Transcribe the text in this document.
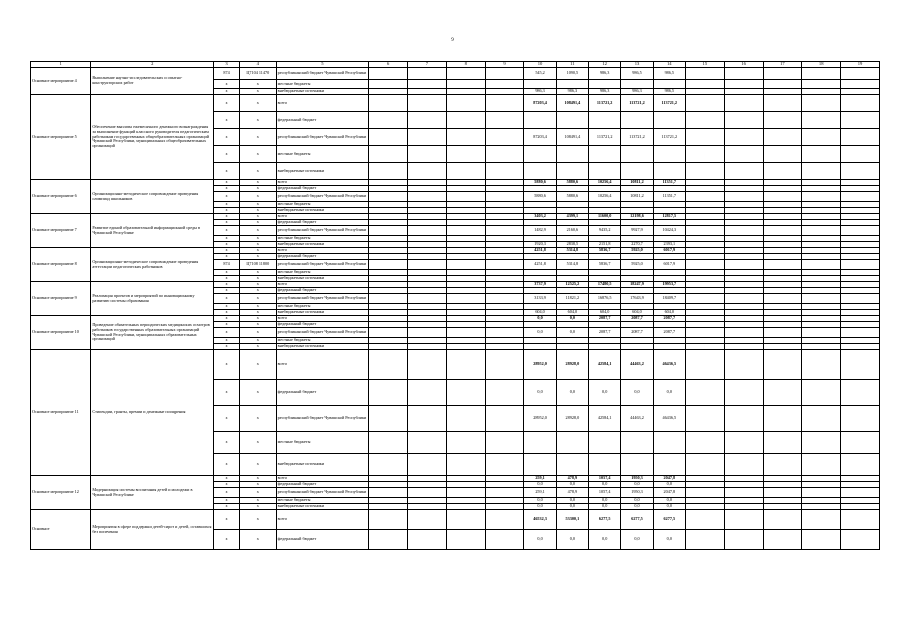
9
1	2	3	4	5	6	7	8	9	10	11	12	13	14	15	16	17	18	19
Основное мероприятие 4	Выполнение научно-исследовательских и опытно-конструкторских работ	874	Ц7104 11470	республиканский бюджет Чувашской Республики					545,2	1090,5	986,3	986,5	986,5					
		x	x	местные бюджеты														
		x	x	внебюджетные источники					986,3	986,3	986,3	986,3	986,5					
Основное мероприятие 5	Обеспечение выплаты ежемесячного денежного вознаграждения за выполнение функций классного руководителя педагогическим работникам государственных общеобразовательных организаций Чувашской Республики, муниципальных общеобразовательных организаций	x	x	всего					87203,4	108491,4	113721,2	113721,2	113721,2					
		x	x	федеральный бюджет														
		x	x	республиканский бюджет Чувашской Республики					87203,4	108491,4	113721,2	113721,2	113721,2					
		x	x	местные бюджеты														
		x	x	внебюджетные источники														
Основное мероприятие 6	Организационно-методическое сопровождение проведения олимпиад школьников	x	x	всего					5880,6	5880,6	10256,4	10811,2	11351,7					
		x	x	федеральный бюджет														
		x	x	республиканский бюджет Чувашской Республики					5880,6	5880,6	10256,4	10811,2	11351,7					
		x	x	местные бюджеты														
		x	x	внебюджетные источники														
Основное мероприятие 7	Развитие единой образовательной информационной среды в Чувашской Республике	x	x	всего					3403,2	4399,1	11600,0	12198,6	12817,5					
		x	x	федеральный бюджет														
		x	x	республиканский бюджет Чувашской Республики					1482,9	2160,6	9435,2	9927,9	10424,3					
		x	x	местные бюджеты														
		x	x	внебюджетные источники					1920,3	2838,5	2151,8	2270,7	2393,1					
Основное мероприятие 8	Организационно-методическое сопровождение проведения аттестации педагогических работников	x	x	всего					4251,8	5314,8	5836,7	5925,0	6017,9					
		x	x	федеральный бюджет														
		874	Ц7108 11800	республиканский бюджет Чувашской Республики					4251,8	5314,8	5836,7	5925,0	6017,9					
		x	x	местные бюджеты														
		x	x	внебюджетные источники														
Основное мероприятие 9	Реализация проектов и мероприятий по инновационному развитию системы образования	x	x	всего					3737,9	12525,2	17480,5	18247,9	19953,7					
		x	x	федеральный бюджет														
		x	x	республиканский бюджет Чувашской Республики					3133,9	11821,2	16876,5	17643,9	18409,7					
		x	x	местные бюджеты														
		x	x	внебюджетные источники					604,0	604,0	604,0	604,0	604,0					
Основное мероприятие 10	Проведение обязательных периодических медицинских осмотров работников государственных образовательных организаций Чувашской Республики, муниципальных образовательных организаций	x	x	всего					0,0	0,0	2087,7	2087,7	2087,7					
		x	x	федеральный бюджет														
		x	x	республиканский бюджет Чувашской Республики					0,0	0,0	2087,7	2087,7	2087,7					
		x	x	местные бюджеты														
		x	x	внебюджетные источники														
Основное мероприятие 11	Стипендии, гранты, премии и денежные поощрения	x	x	всего					28952,0	28928,0	42584,1	44463,2	46436,5					
		x	x	федеральный бюджет					0,0	0,0	0,0	0,0	0,0					
		x	x	республиканский бюджет Чувашской Республики					28952,0	28928,0	42584,1	44463,2	46436,5					
		x	x	местные бюджеты														
		x	x	внебюджетные источники														
Основное мероприятие 12	Модернизация системы воспитания детей и молодежи в Чувашской Республике	x	x	всего					259,1	478,9	1057,4	1950,3	2047,8					
		x	x	федеральный бюджет					0,0	0,0	0,0	0,0	0,0					
		x	x	республиканский бюджет Чувашской Республики					259,1	478,9	1057,4	1950,3	2047,8					
		x	x	местные бюджеты					0,0	0,0	0,0	0,0	0,0					
		x	x	внебюджетные источники					0,0	0,0	0,0	0,0	0,0					
Основное	Мероприятия в сфере поддержки детей-сирот и детей, оставшихся без попечения	x	x	всего					46532,3	53300,1	6277,5	6277,5	6277,5					
		x	x	федеральный бюджет					0,0	0,0	0,0	0,0	0,0					
